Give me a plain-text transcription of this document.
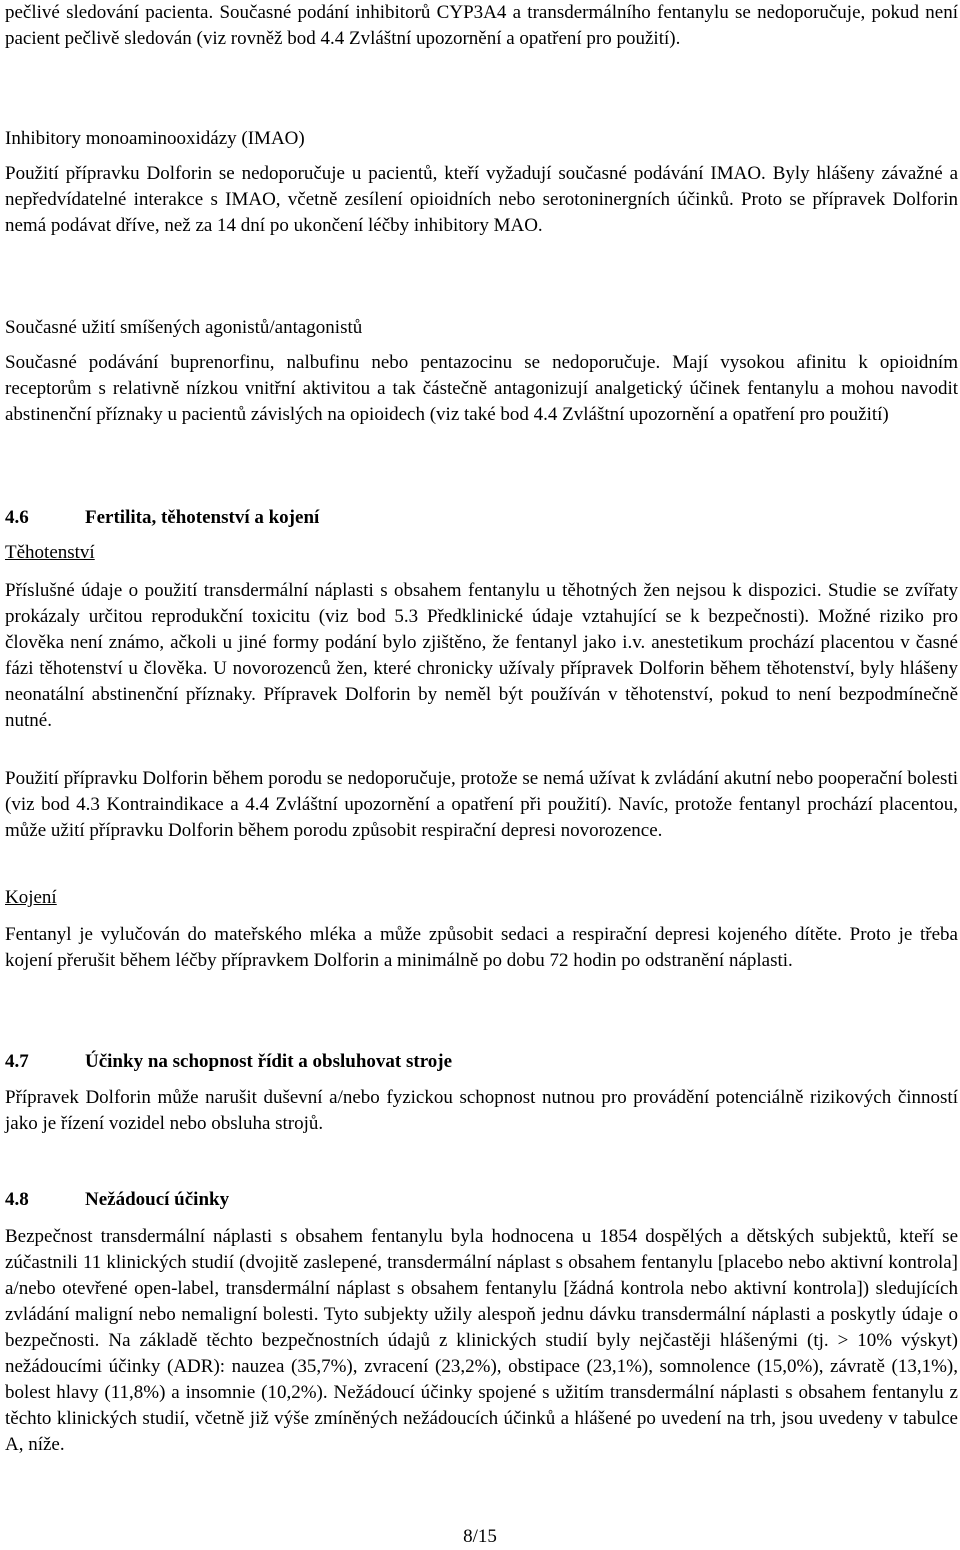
pečlivé sledování pacienta. Současné podání inhibitorů CYP3A4 a transdermálního fentanylu se nedoporučuje, pokud není pacient pečlivě sledován (viz rovněž bod 4.4 Zvláštní upozornění a opatření pro použití).

Inhibitory monoaminooxidázy (IMAO)

Použití přípravku Dolforin se nedoporučuje u pacientů, kteří vyžadují současné podávání IMAO. Byly hlášeny závažné a nepředvídatelné interakce s IMAO, včetně zesílení opioidních nebo serotoninergních účinků. Proto se přípravek Dolforin nemá podávat dříve, než za 14 dní po ukončení léčby inhibitory MAO.

Současné užití smíšených agonistů/antagonistů

Současné podávání buprenorfinu, nalbufinu nebo pentazocinu se nedoporučuje. Mají vysokou afinitu k opioidním receptorům s relativně nízkou vnitřní aktivitou a tak částečně antagonizují analgetický účinek fentanylu a mohou navodit abstinenční příznaky u pacientů závislých na opioidech (viz také bod 4.4 Zvláštní upozornění a opatření pro použití)

4.6	Fertilita, těhotenství a kojení

Těhotenství

Příslušné údaje o použití transdermální náplasti s obsahem fentanylu u těhotných žen nejsou k dispozici. Studie se zvířaty prokázaly určitou reprodukční toxicitu (viz bod 5.3 Předklinické údaje vztahující se k bezpečnosti). Možné riziko pro člověka není známo, ačkoli u jiné formy podání bylo zjištěno, že fentanyl jako i.v. anestetikum prochází placentou v časné fázi těhotenství u člověka. U novorozenců žen, které chronicky užívaly přípravek Dolforin během těhotenství, byly hlášeny neonatální abstinenční příznaky. Přípravek Dolforin by neměl být používán v těhotenství, pokud to není bezpodmínečně nutné.

Použití přípravku Dolforin během porodu se nedoporučuje, protože se nemá užívat k zvládání akutní nebo pooperační bolesti (viz bod 4.3 Kontraindikace a 4.4 Zvláštní upozornění a opatření při použití). Navíc, protože fentanyl prochází placentou, může užití přípravku Dolforin během porodu způsobit respirační depresi novorozence.

Kojení

Fentanyl je vylučován do mateřského mléka a může způsobit sedaci a respirační depresi kojeného dítěte. Proto je třeba kojení přerušit během léčby přípravkem Dolforin a minimálně po dobu 72 hodin po odstranění náplasti.

4.7	Účinky na schopnost řídit a obsluhovat stroje

Přípravek Dolforin může narušit duševní a/nebo fyzickou schopnost nutnou pro provádění potenciálně rizikových činností jako je řízení vozidel nebo obsluha strojů.

4.8	Nežádoucí účinky

Bezpečnost transdermální náplasti s obsahem fentanylu byla hodnocena u 1854 dospělých a dětských subjektů, kteří se zúčastnili 11 klinických studií (dvojitě zaslepené, transdermální náplast s obsahem fentanylu [placebo nebo aktivní kontrola] a/nebo otevřené open-label, transdermální náplast s obsahem fentanylu [žádná kontrola nebo aktivní kontrola]) sledujících zvládání maligní nebo nemaligní bolesti. Tyto subjekty užily alespoň jednu dávku transdermální náplasti a poskytly údaje o bezpečnosti. Na základě těchto bezpečnostních údajů z klinických studií byly nejčastěji hlášenými (tj. > 10% výskyt) nežádoucími účinky (ADR): nauzea (35,7%), zvracení (23,2%), obstipace (23,1%), somnolence (15,0%), závratě (13,1%), bolest hlavy (11,8%) a insomnie (10,2%). Nežádoucí účinky spojené s užitím transdermální náplasti s obsahem fentanylu z těchto klinických studií, včetně již výše zmíněných nežádoucích účinků a hlášené po uvedení na trh, jsou uvedeny v tabulce A, níže.

8/15
